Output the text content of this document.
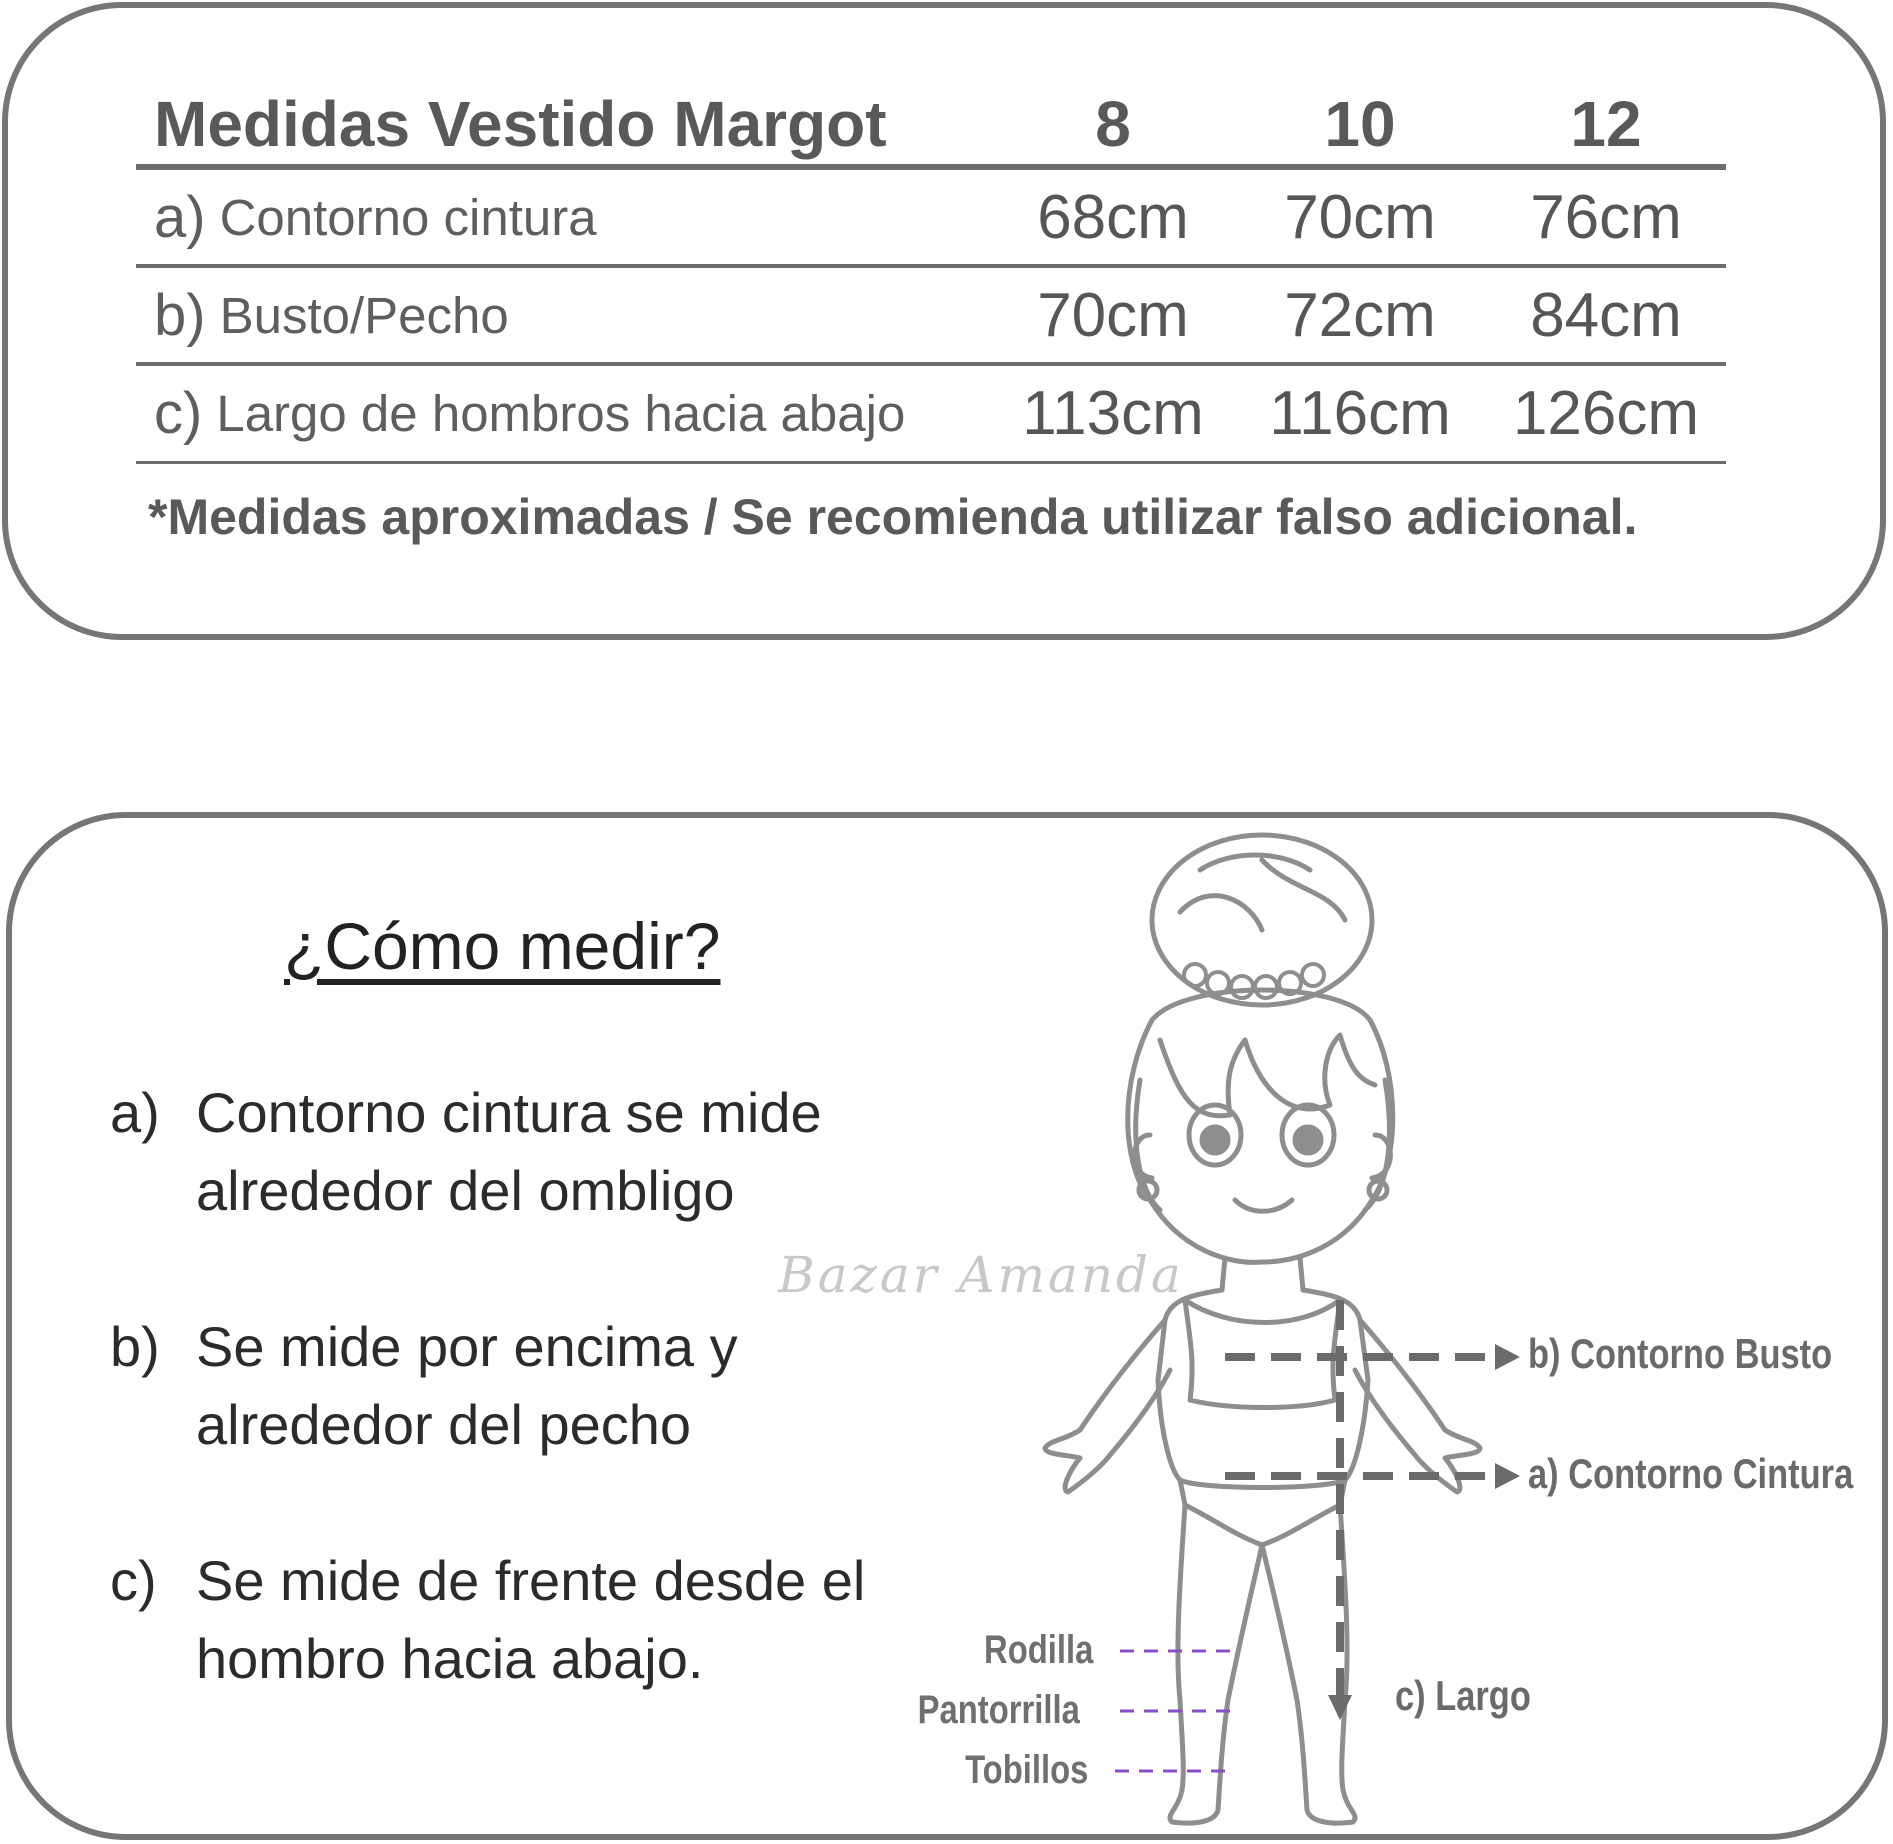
Medidas Vestido Margot	8	10	12
a) Contorno cintura	68cm	70cm	76cm
b) Busto/Pecho	70cm	72cm	84cm
c) Largo de hombros hacia abajo	113cm	116cm	126cm
*Medidas aproximadas / Se recomienda utilizar falso adicional.
¿Cómo medir?
a) Contorno cintura se mide
alrededor del ombligo
b) Se mide por encima y
alrededor del pecho
c) Se mide de frente desde el
hombro hacia abajo.
Bazar Amanda
b) Contorno Busto
a) Contorno Cintura
c) Largo
Rodilla
Pantorrilla
Tobillos
